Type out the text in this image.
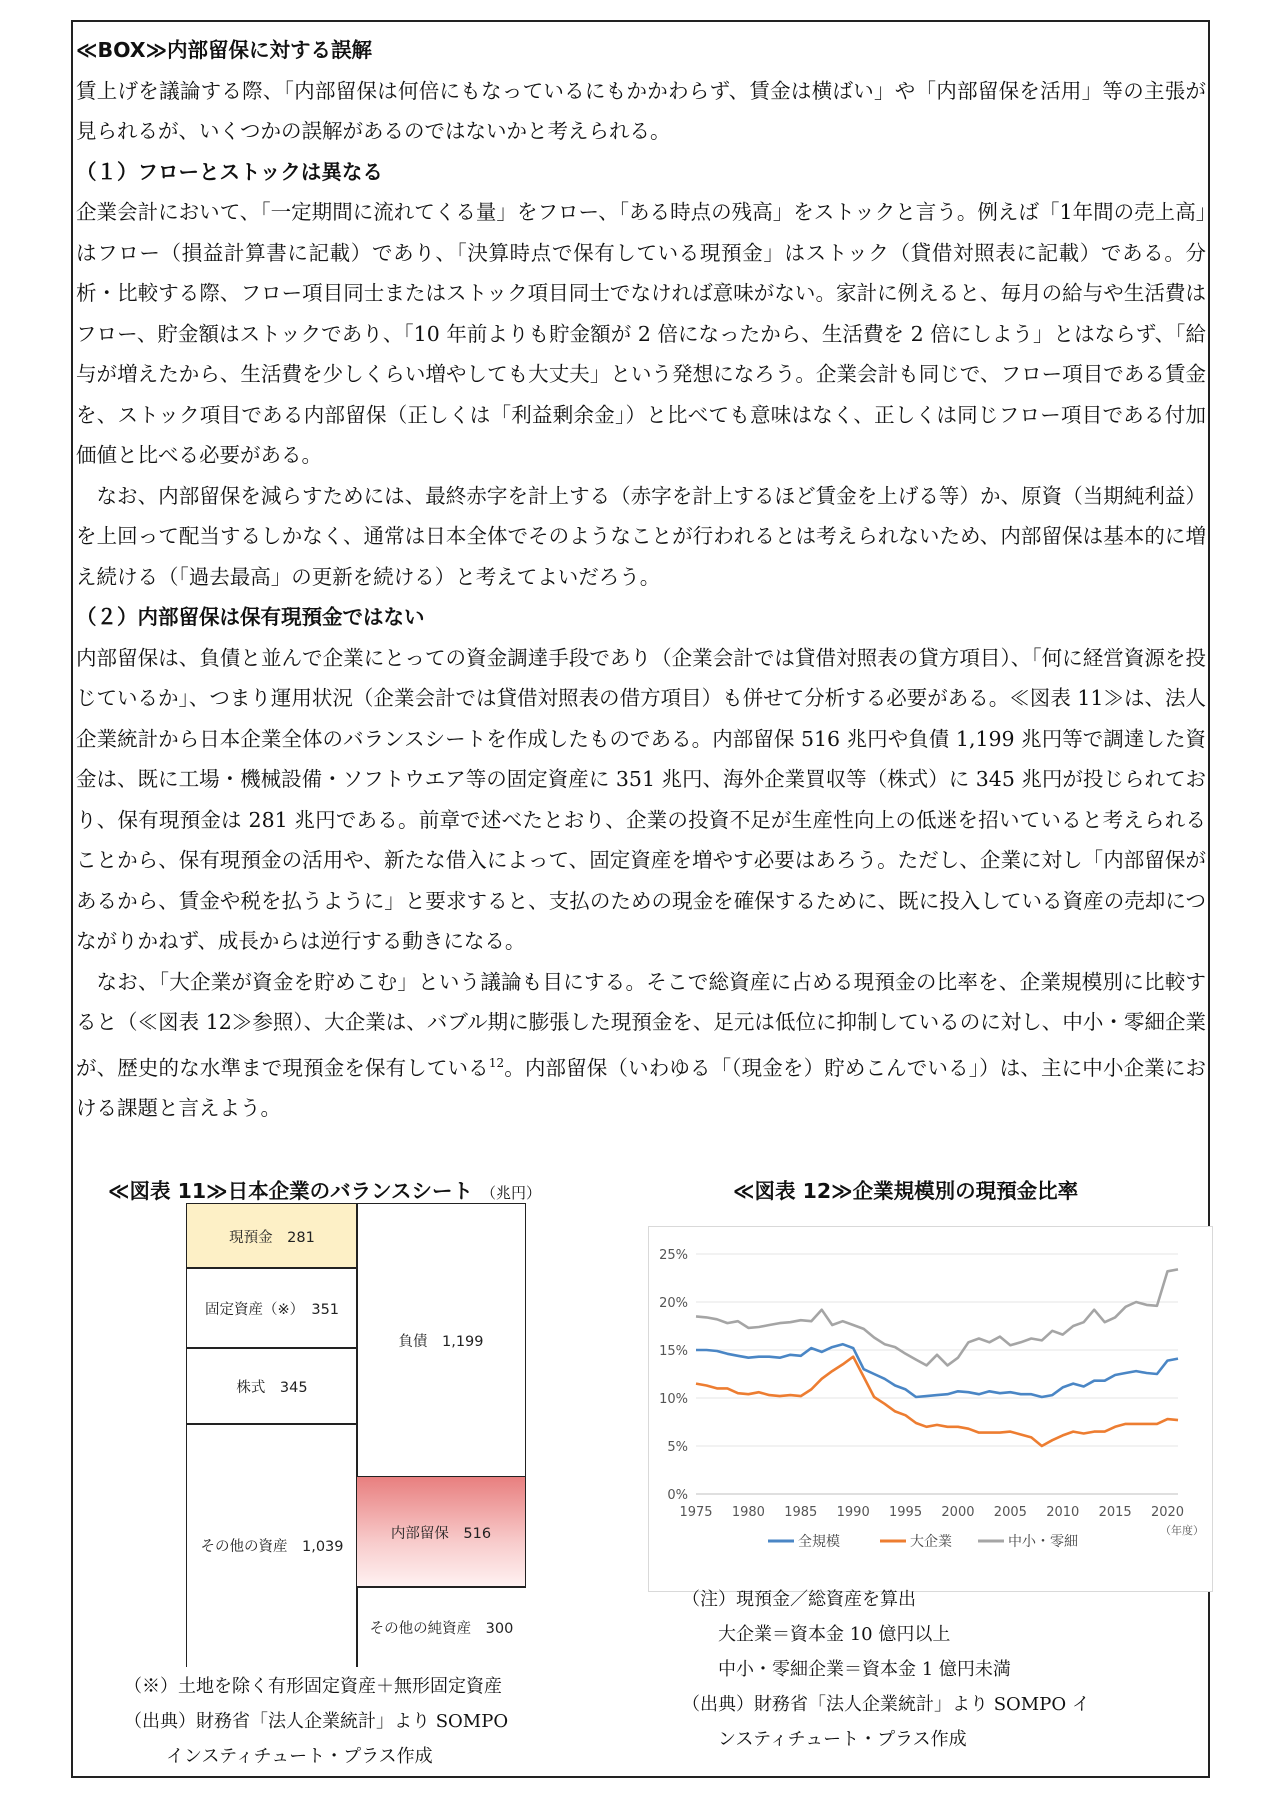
≪BOX≫内部留保に対する誤解

賃上げを議論する際、「内部留保は何倍にもなっているにもかかわらず、賃金は横ばい」や「内部留保を活用」等の主張が見られるが、いくつかの誤解があるのではないかと考えられる。

（１）フローとストックは異なる

企業会計において、「一定期間に流れてくる量」をフロー、「ある時点の残高」をストックと言う。例えば「1年間の売上高」はフロー（損益計算書に記載）であり、「決算時点で保有している現預金」はストック（貸借対照表に記載）である。分析・比較する際、フロー項目同士またはストック項目同士でなければ意味がない。家計に例えると、毎月の給与や生活費はフロー、貯金額はストックであり、「10 年前よりも貯金額が 2 倍になったから、生活費を 2 倍にしよう」とはならず、「給与が増えたから、生活費を少しくらい増やしても大丈夫」という発想になろう。企業会計も同じで、フロー項目である賃金を、ストック項目である内部留保（正しくは「利益剰余金」）と比べても意味はなく、正しくは同じフロー項目である付加価値と比べる必要がある。

なお、内部留保を減らすためには、最終赤字を計上する（赤字を計上するほど賃金を上げる等）か、原資（当期純利益）を上回って配当するしかなく、通常は日本全体でそのようなことが行われるとは考えられないため、内部留保は基本的に増え続ける（「過去最高」の更新を続ける）と考えてよいだろう。

（２）内部留保は保有現預金ではない

内部留保は、負債と並んで企業にとっての資金調達手段であり（企業会計では貸借対照表の貸方項目）、「何に経営資源を投じているか」、つまり運用状況（企業会計では貸借対照表の借方項目）も併せて分析する必要がある。≪図表 11≫は、法人企業統計から日本企業全体のバランスシートを作成したものである。内部留保 516 兆円や負債 1,199 兆円等で調達した資金は、既に工場・機械設備・ソフトウエア等の固定資産に 351 兆円、海外企業買収等（株式）に 345 兆円が投じられており、保有現預金は 281 兆円である。前章で述べたとおり、企業の投資不足が生産性向上の低迷を招いていると考えられることから、保有現預金の活用や、新たな借入によって、固定資産を増やす必要はあろう。ただし、企業に対し「内部留保があるから、賃金や税を払うように」と要求すると、支払のための現金を確保するために、既に投入している資産の売却につながりかねず、成長からは逆行する動きになる。

なお、「大企業が資金を貯めこむ」という議論も目にする。そこで総資産に占める現預金の比率を、企業規模別に比較すると（≪図表 12≫参照）、大企業は、バブル期に膨張した現預金を、足元は低位に抑制しているのに対し、中小・零細企業が、歴史的な水準まで現預金を保有している$^{12}$。内部留保（いわゆる「（現金を）貯めこんでいる」）は、主に中小企業における課題と言えよう。

≪図表 11≫日本企業のバランスシート （兆円）
現預金　281
固定資産（※）　351
株式　345
その他の資産　1,039
負債　1,199
内部留保　516
その他の純資産　300
（※）土地を除く有形固定資産＋無形固定資産
（出典）財務省「法人企業統計」より SOMPO
インスティチュート・プラス作成
≪図表 12≫企業規模別の現預金比率
0%
5%
10%
15%
20%
25%
1975 1980 1985 1990 1995 2000 2005 2010 2015 2020
（年度）
全規模	大企業	中小・零細
（注）現預金／総資産を算出
大企業＝資本金 10 億円以上
中小・零細企業＝資本金 1 億円未満
（出典）財務省「法人企業統計」より SOMPO イ
ンスティチュート・プラス作成
